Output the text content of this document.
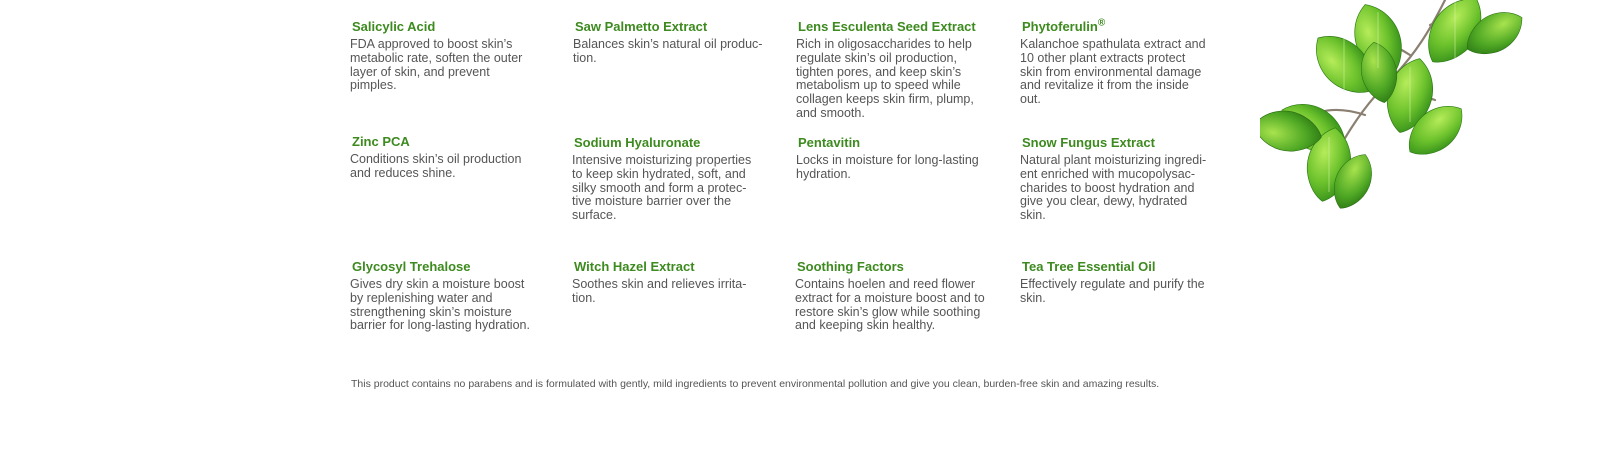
Salicylic Acid
FDA approved to boost skin’s
metabolic rate, soften the outer
layer of skin, and prevent
pimples.
Saw Palmetto Extract
Balances skin’s natural oil produc-
tion.
Lens Esculenta Seed Extract
Rich in oligosaccharides to help
regulate skin’s oil production,
tighten pores, and keep skin’s
metabolism up to speed while
collagen keeps skin firm, plump,
and smooth.
Phytoferulin®
Kalanchoe spathulata extract and
10 other plant extracts protect
skin from environmental damage
and revitalize it from the inside
out.
Zinc PCA
Conditions skin’s oil production
and reduces shine.
Sodium Hyaluronate
Intensive moisturizing properties
to keep skin hydrated, soft, and
silky smooth and form a protec-
tive moisture barrier over the
surface.
Pentavitin
Locks in moisture for long-lasting
hydration.
Snow Fungus Extract
Natural plant moisturizing ingredi-
ent enriched with mucopolysac-
charides to boost hydration and
give you clear, dewy, hydrated
skin.
Glycosyl Trehalose
Gives dry skin a moisture boost
by replenishing water and
strengthening skin’s moisture
barrier for long-lasting hydration.
Witch Hazel Extract
Soothes skin and relieves irrita-
tion.
Soothing Factors
Contains hoelen and reed flower
extract for a moisture boost and to
restore skin’s glow while soothing
and keeping skin healthy.
Tea Tree Essential Oil
Effectively regulate and purify the
skin.
This product contains no parabens and is formulated with gently, mild ingredients to prevent environmental pollution and give you clean, burden-free skin and amazing results.
